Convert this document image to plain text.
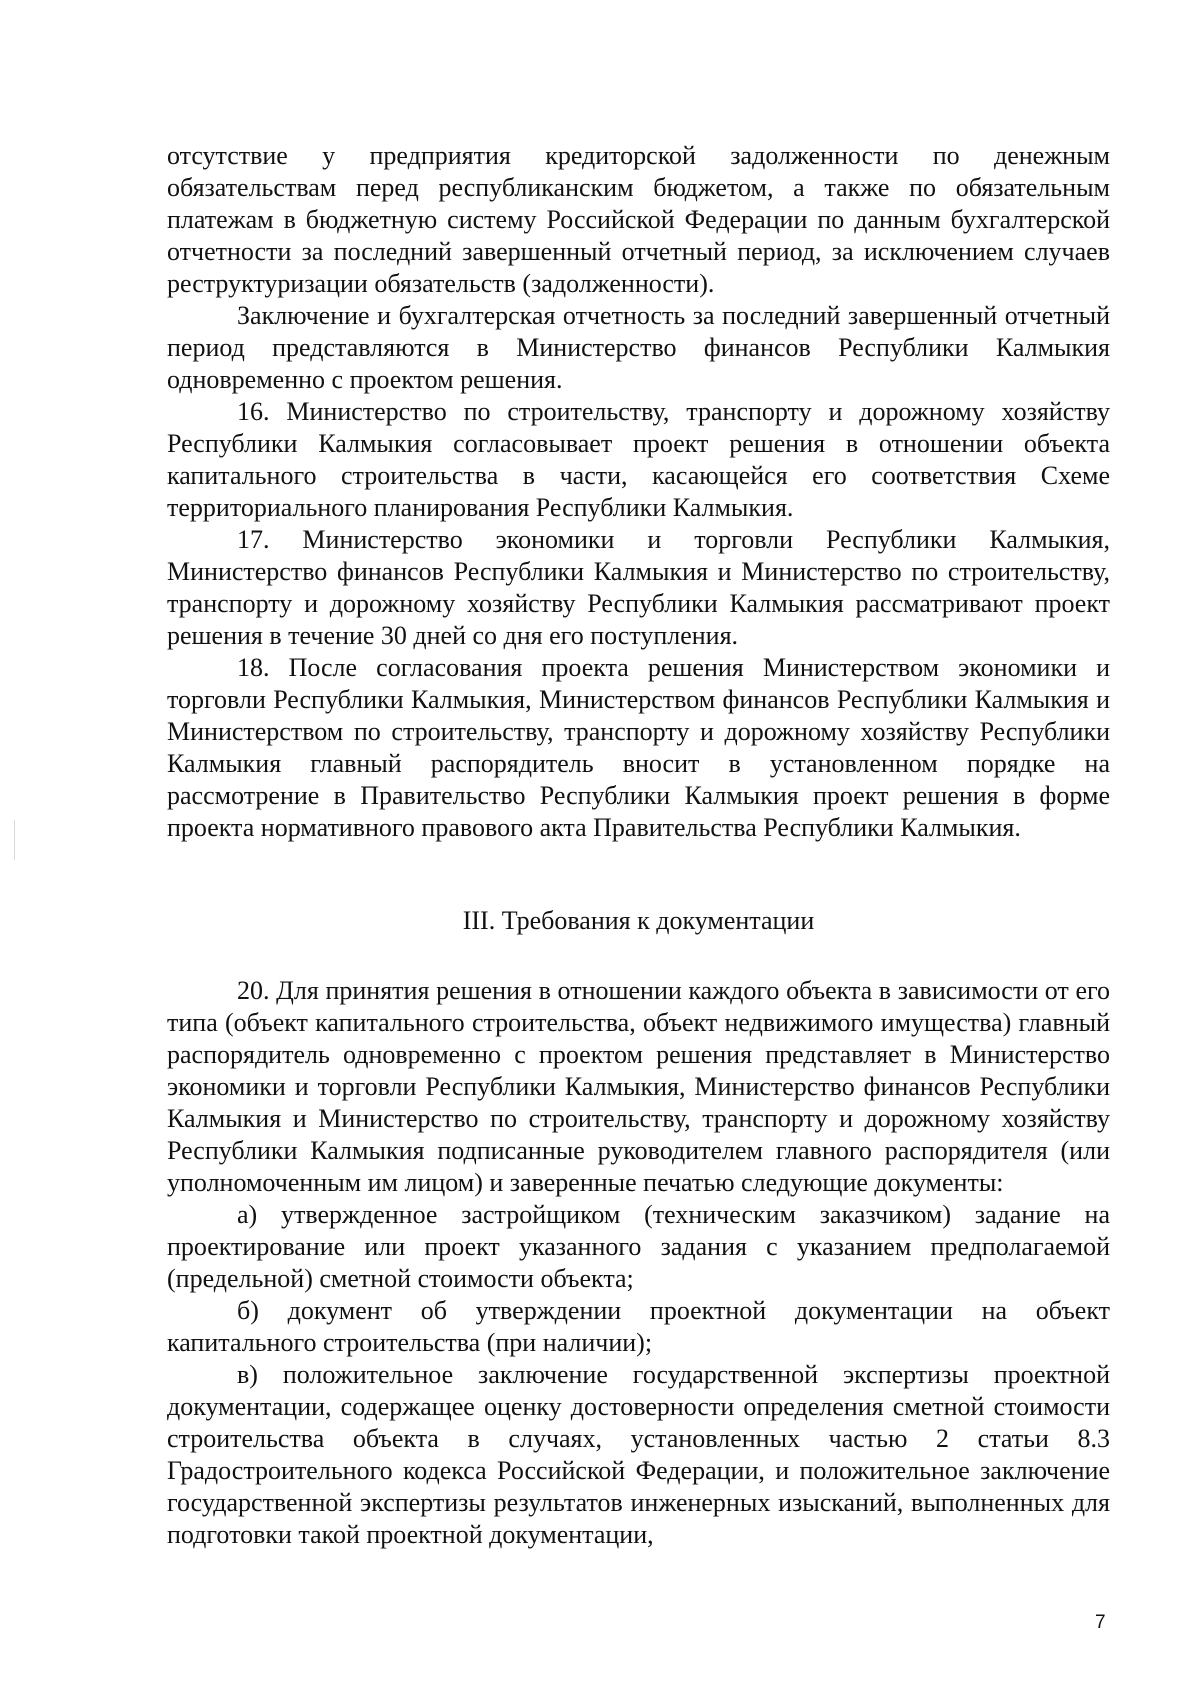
отсутствие у предприятия кредиторской задолженности по денежным обязательствам перед республиканским бюджетом, а также по обязательным платежам в бюджетную систему Российской Федерации по данным бухгалтерской отчетности за последний завершенный отчетный период, за исключением случаев реструктуризации обязательств (задолженности).

Заключение и бухгалтерская отчетность за последний завершенный отчетный период представляются в Министерство финансов Республики Калмыкия одновременно с проектом решения.

16. Министерство по строительству, транспорту и дорожному хозяйству Республики Калмыкия согласовывает проект решения в отношении объекта капитального строительства в части, касающейся его соответствия Схеме территориального планирования Республики Калмыкия.

17. Министерство экономики и торговли Республики Калмыкия, Министерство финансов Республики Калмыкия и Министерство по строительству, транспорту и дорожному хозяйству Республики Калмыкия рассматривают проект решения в течение 30 дней со дня его поступления.

18. После согласования проекта решения Министерством экономики и торговли Республики Калмыкия, Министерством финансов Республики Калмыкия и Министерством по строительству, транспорту и дорожному хозяйству Республики Калмыкия главный распорядитель вносит в установленном порядке на рассмотрение в Правительство Республики Калмыкия проект решения в форме проекта нормативного правового акта Правительства Республики Калмыкия.

III. Требования к документации

20. Для принятия решения в отношении каждого объекта в зависимости от его типа (объект капитального строительства, объект недвижимого имущества) главный распорядитель одновременно с проектом решения представляет в Министерство экономики и торговли Республики Калмыкия, Министерство финансов Республики Калмыкия и Министерство по строительству, транспорту и дорожному хозяйству Республики Калмыкия подписанные руководителем главного распорядителя (или уполномоченным им лицом) и заверенные печатью следующие документы:

а) утвержденное застройщиком (техническим заказчиком) задание на проектирование или проект указанного задания с указанием предполагаемой (предельной) сметной стоимости объекта;

б) документ об утверждении проектной документации на объект капитального строительства (при наличии);

в) положительное заключение государственной экспертизы проектной документации, содержащее оценку достоверности определения сметной стоимости строительства объекта в случаях, установленных частью 2 статьи 8.3 Градостроительного кодекса Российской Федерации, и положительное заключение государственной экспертизы результатов инженерных изысканий, выполненных для подготовки такой проектной документации,

7
